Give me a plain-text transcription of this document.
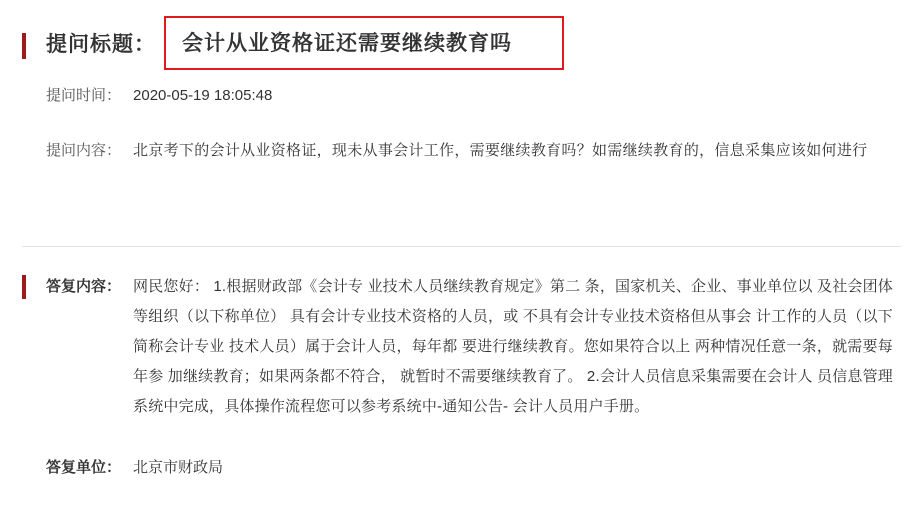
提问标题：	会计从业资格证还需要继续教育吗
提问时间： 2020-05-19 18:05:48
提问内容： 北京考下的会计从业资格证，现未从事会计工作，需要继续教育吗？如需继续教育的，信息采集应该如何进行
答复内容： 网民您好： 1.根据财政部《会计专 业技术人员继续教育规定》第二 条，国家机关、企业、事业单位以 及社会团体等组织（以下称单位） 具有会计专业技术资格的人员，或 不具有会计专业技术资格但从事会 计工作的人员（以下简称会计专业 技术人员）属于会计人员，每年都 要进行继续教育。您如果符合以上 两种情况任意一条，就需要每年参 加继续教育；如果两条都不符合， 就暂时不需要继续教育了。 2.会计人员信息采集需要在会计人 员信息管理系统中完成，具体操作流程您可以参考系统中-通知公告- 会计人员用户手册。
答复单位： 北京市财政局
